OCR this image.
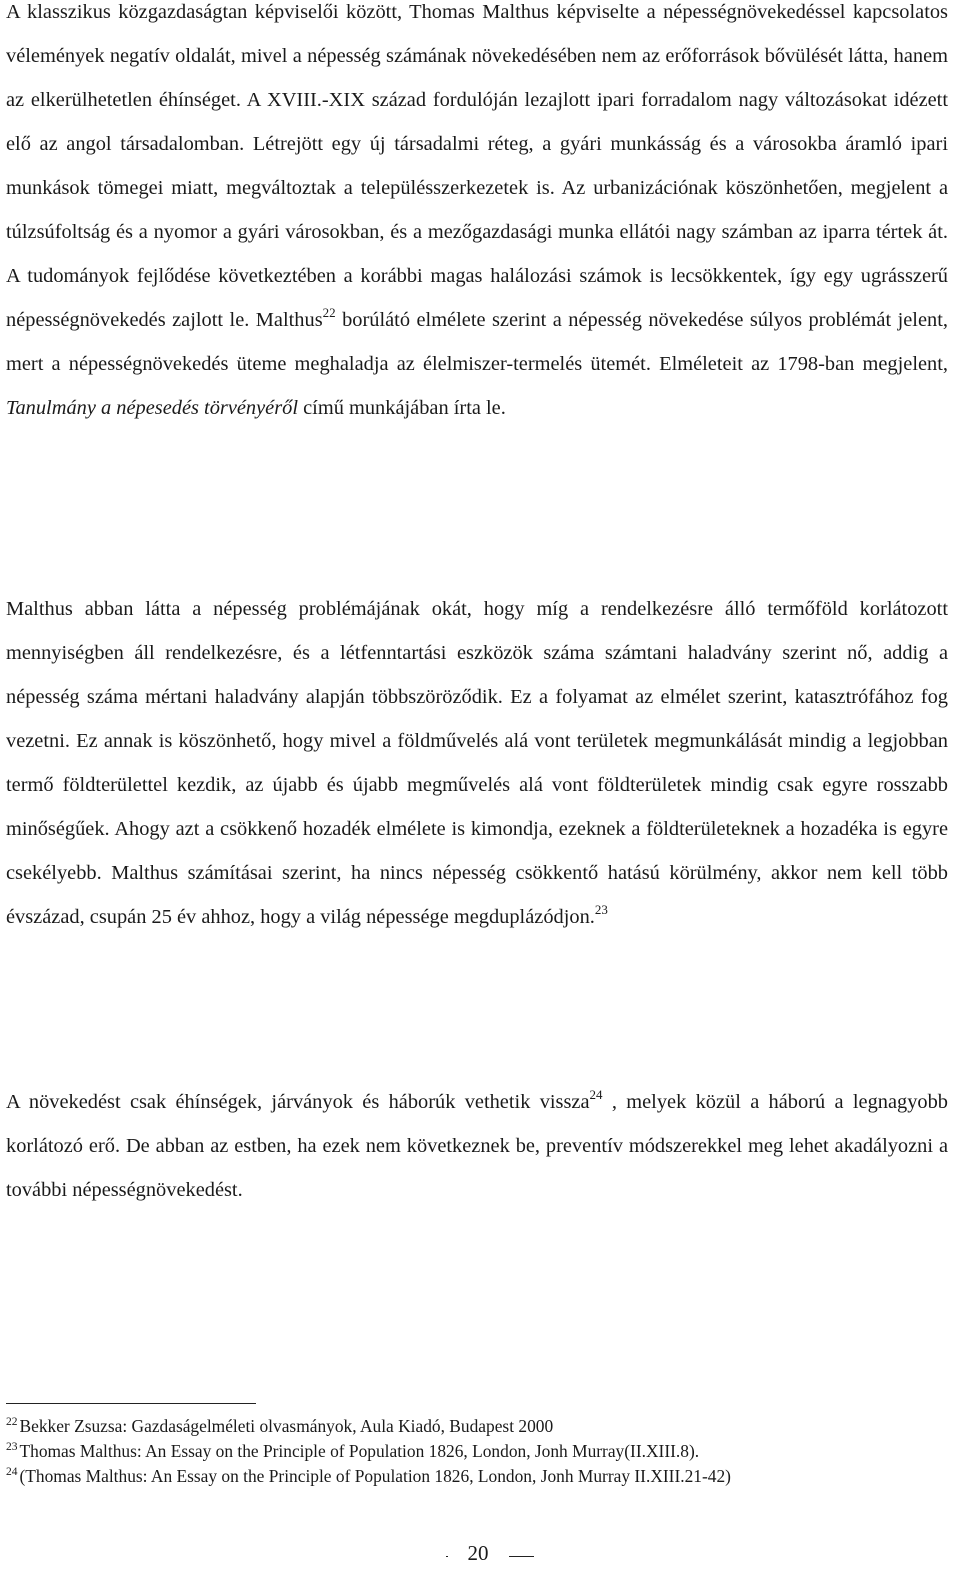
A klasszikus közgazdaságtan képviselői között, Thomas Malthus képviselte a népességnövekedéssel kapcsolatos vélemények negatív oldalát, mivel a népesség számának növekedésében nem az erőforrások bővülését látta, hanem az elkerülhetetlen éhínséget. A XVIII.-XIX század fordulóján lezajlott ipari forradalom nagy változásokat idézett elő az angol társadalomban. Létrejött egy új társadalmi réteg, a gyári munkásság és a városokba áramló ipari munkások tömegei miatt, megváltoztak a településszerkezetek is. Az urbanizációnak köszönhetően, megjelent a túlzsúfoltság és a nyomor a gyári városokban, és a mezőgazdasági munka ellátói nagy számban az iparra tértek át. A tudományok fejlődése következtében a korábbi magas halálozási számok is lecsökkentek, így egy ugrásszerű népességnövekedés zajlott le. Malthus$^{22}$ borúlátó elmélete szerint a népesség növekedése súlyos problémát jelent, mert a népességnövekedés üteme meghaladja az élelmiszer-termelés ütemét. Elméleteit az 1798-ban megjelent, Tanulmány a népesedés törvényéről című munkájában írta le.

Malthus abban látta a népesség problémájának okát, hogy míg a rendelkezésre álló termőföld korlátozott mennyiségben áll rendelkezésre, és a létfenntartási eszközök száma számtani haladvány szerint nő, addig a népesség száma mértani haladvány alapján többszöröződik. Ez a folyamat az elmélet szerint, katasztrófához fog vezetni. Ez annak is köszönhető, hogy mivel a földművelés alá vont területek megmunkálását mindig a legjobban termő földterülettel kezdik, az újabb és újabb megművelés alá vont földterületek mindig csak egyre rosszabb minőségűek. Ahogy azt a csökkenő hozadék elmélete is kimondja, ezeknek a földterületeknek a hozadéka is egyre csekélyebb. Malthus számításai szerint, ha nincs népesség csökkentő hatású körülmény, akkor nem kell több évszázad, csupán 25 év ahhoz, hogy a világ népessége megduplázódjon.$^{23}$

A növekedést csak éhínségek, járványok és háborúk vethetik vissza$^{24}$ , melyek közül a háború a legnagyobb korlátozó erő. De abban az estben, ha ezek nem következnek be, preventív módszerekkel meg lehet akadályozni a további népességnövekedést.

$^{22}$ Bekker Zsuzsa: Gazdaságelméleti olvasmányok, Aula Kiadó, Budapest 2000
$^{23}$ Thomas Malthus: An Essay on the Principle of Population 1826, London, Jonh Murray(II.XIII.8).
$^{24}$ (Thomas Malthus: An Essay on the Principle of Population 1826, London, Jonh Murray II.XIII.21-42)
20
